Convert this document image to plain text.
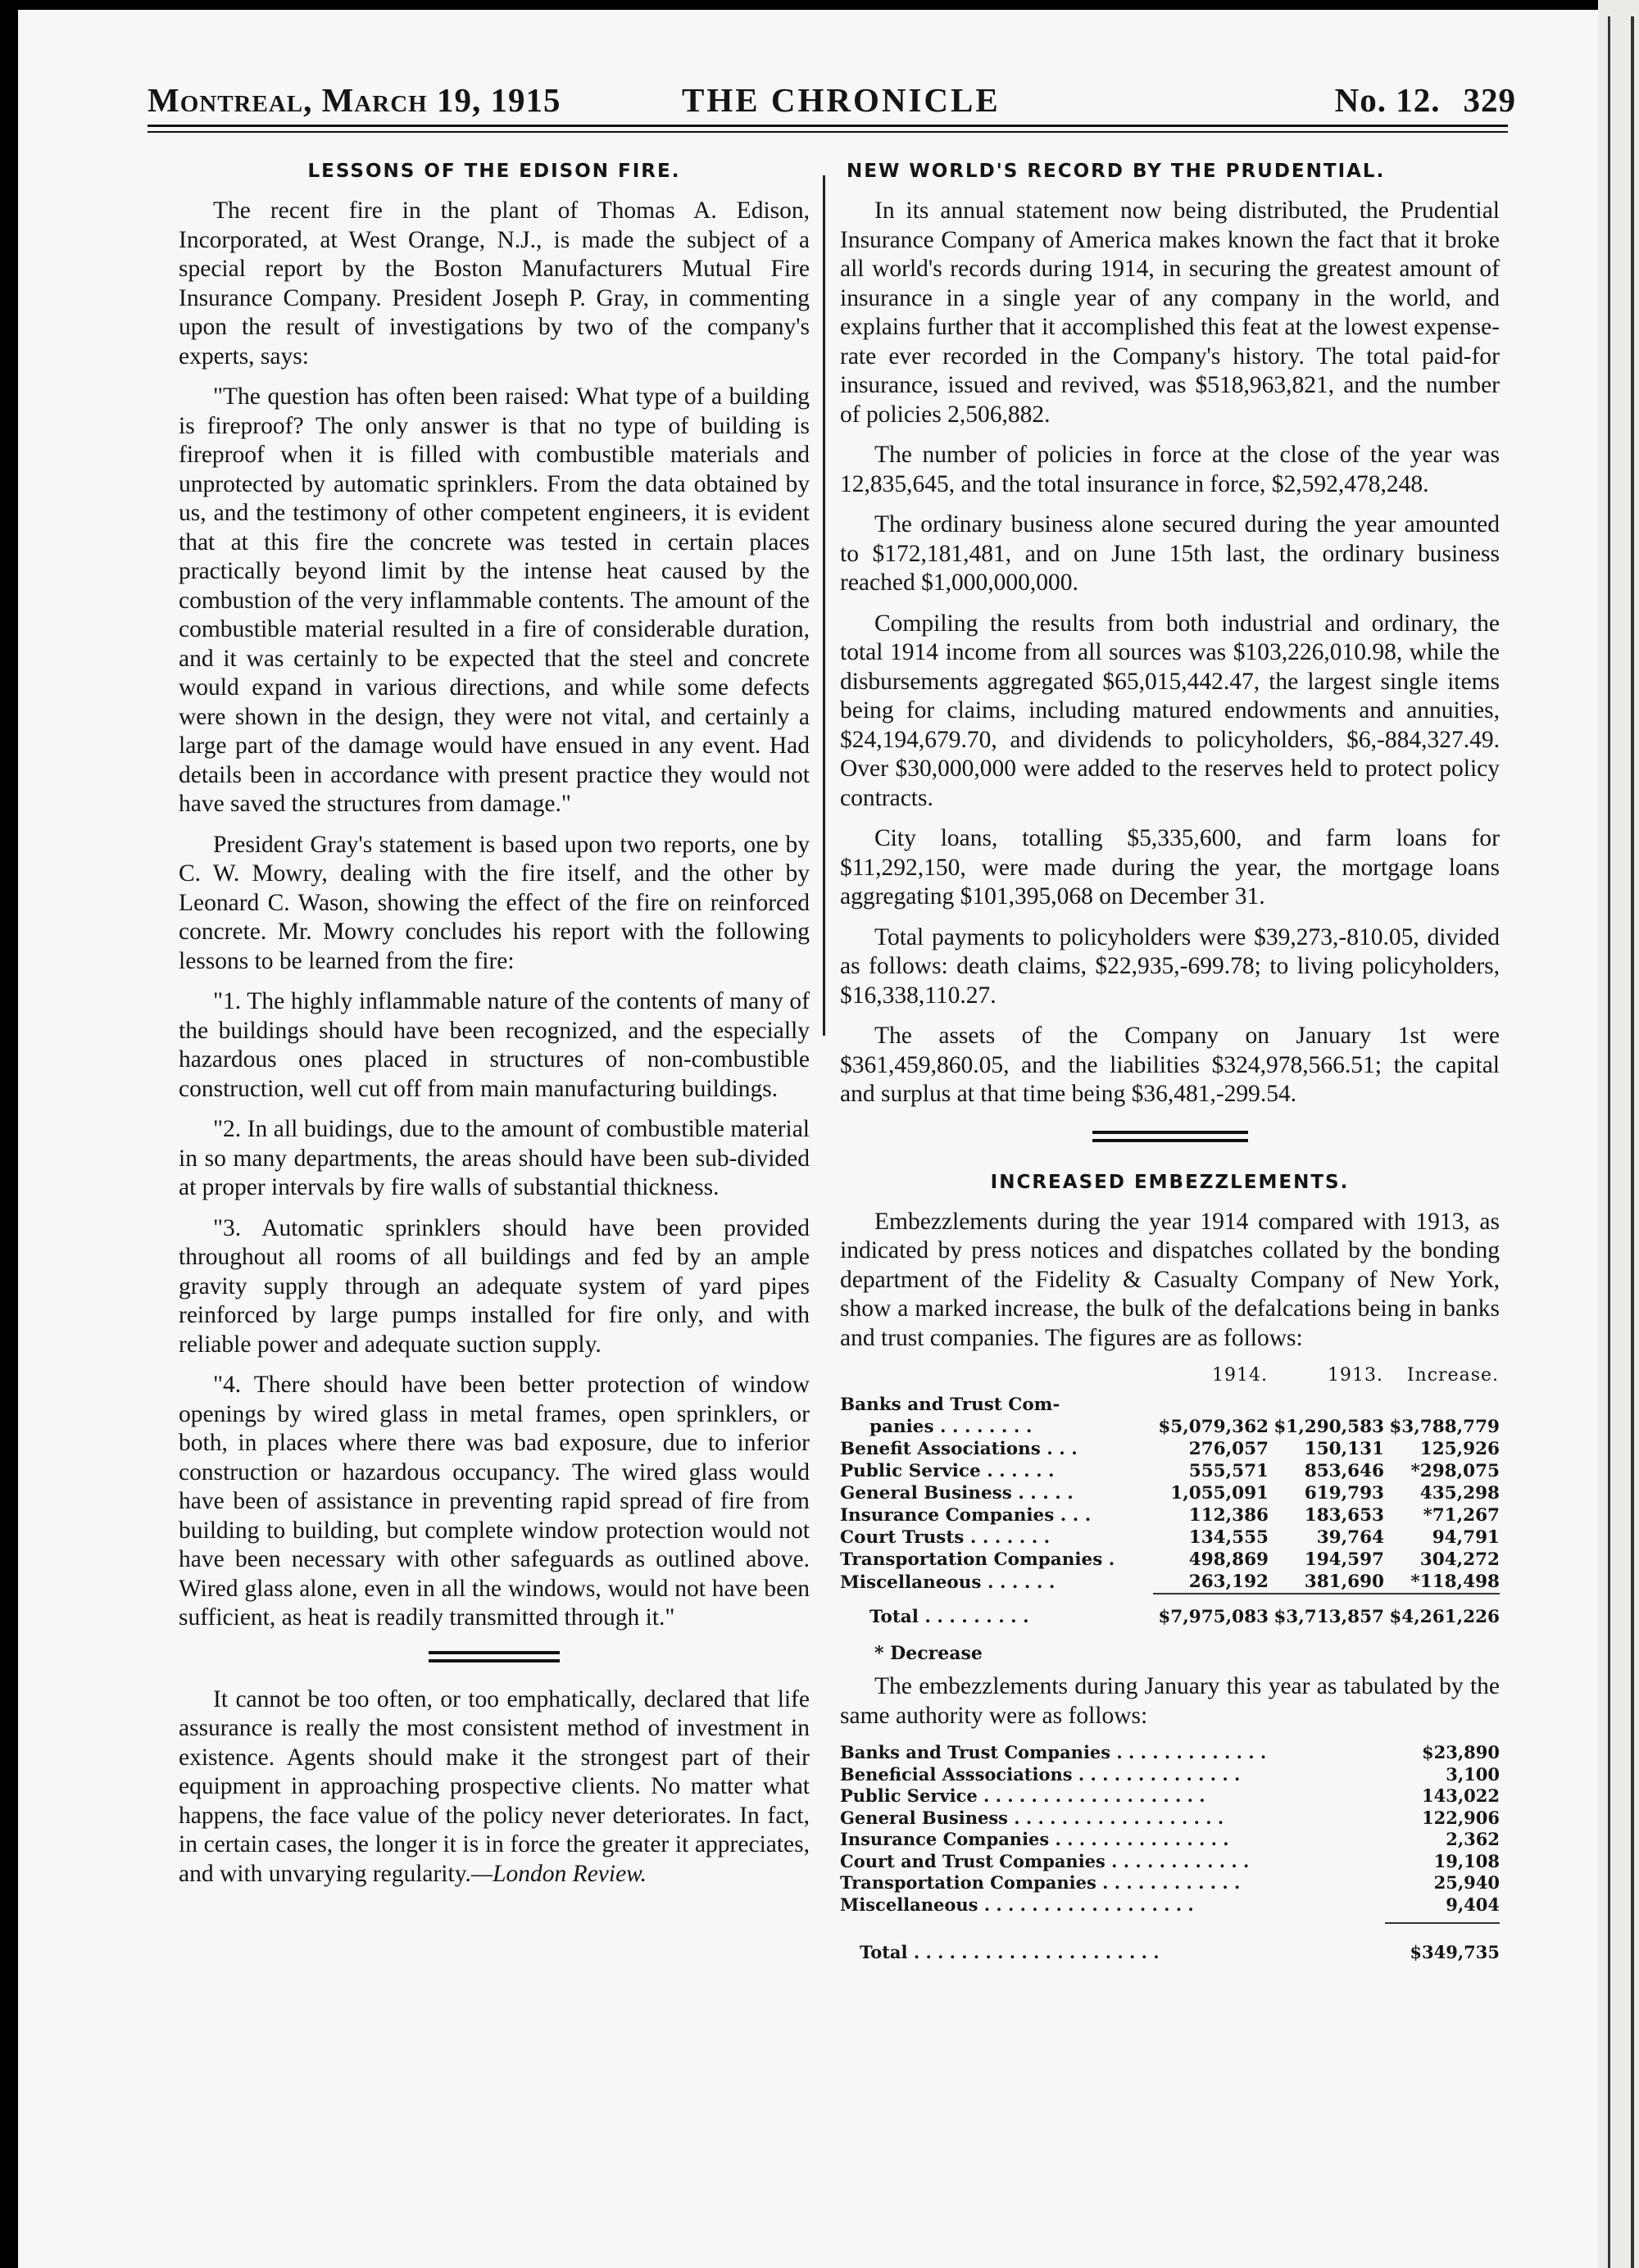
Montreal, March 19, 1915	THE CHRONICLE	No. 12. 329
LESSONS OF THE EDISON FIRE.

The recent fire in the plant of Thomas A. Edison, Incorporated, at West Orange, N.J., is made the subject of a special report by the Boston Manufacturers Mutual Fire Insurance Company. President Joseph P. Gray, in commenting upon the result of investigations by two of the company's experts, says:

"The question has often been raised: What type of a building is fireproof? The only answer is that no type of building is fireproof when it is filled with combustible materials and unprotected by automatic sprinklers. From the data obtained by us, and the testimony of other competent engineers, it is evident that at this fire the concrete was tested in certain places practically beyond limit by the intense heat caused by the combustion of the very inflammable contents. The amount of the combustible material resulted in a fire of considerable duration, and it was certainly to be expected that the steel and concrete would expand in various directions, and while some defects were shown in the design, they were not vital, and certainly a large part of the damage would have ensued in any event. Had details been in accordance with present practice they would not have saved the structures from damage."

President Gray's statement is based upon two reports, one by C. W. Mowry, dealing with the fire itself, and the other by Leonard C. Wason, showing the effect of the fire on reinforced concrete. Mr. Mowry concludes his report with the following lessons to be learned from the fire:

"1. The highly inflammable nature of the contents of many of the buildings should have been recognized, and the especially hazardous ones placed in structures of non-combustible construction, well cut off from main manufacturing buildings.

"2. In all buidings, due to the amount of combustible material in so many departments, the areas should have been sub-divided at proper intervals by fire walls of substantial thickness.

"3. Automatic sprinklers should have been provided throughout all rooms of all buildings and fed by an ample gravity supply through an adequate system of yard pipes reinforced by large pumps installed for fire only, and with reliable power and adequate suction supply.

"4. There should have been better protection of window openings by wired glass in metal frames, open sprinklers, or both, in places where there was bad exposure, due to inferior construction or hazardous occupancy. The wired glass would have been of assistance in preventing rapid spread of fire from building to building, but complete window protection would not have been necessary with other safeguards as outlined above. Wired glass alone, even in all the windows, would not have been sufficient, as heat is readily transmitted through it."

It cannot be too often, or too emphatically, declared that life assurance is really the most consistent method of investment in existence. Agents should make it the strongest part of their equipment in approaching prospective clients. No matter what happens, the face value of the policy never deteriorates. In fact, in certain cases, the longer it is in force the greater it appreciates, and with unvarying regularity.—London Review.

NEW WORLD'S RECORD BY THE PRUDENTIAL.

In its annual statement now being distributed, the Prudential Insurance Company of America makes known the fact that it broke all world's records during 1914, in securing the greatest amount of insurance in a single year of any company in the world, and explains further that it accomplished this feat at the lowest expense-rate ever recorded in the Company's history. The total paid-for insurance, issued and revived, was $518,963,821, and the number of policies 2,506,882.

The number of policies in force at the close of the year was 12,835,645, and the total insurance in force, $2,592,478,248.

The ordinary business alone secured during the year amounted to $172,181,481, and on June 15th last, the ordinary business reached $1,000,000,000.

Compiling the results from both industrial and ordinary, the total 1914 income from all sources was $103,226,010.98, while the disbursements aggregated $65,015,442.47, the largest single items being for claims, including matured endowments and annuities, $24,194,679.70, and dividends to policyholders, $6,-884,327.49. Over $30,000,000 were added to the reserves held to protect policy contracts.

City loans, totalling $5,335,600, and farm loans for $11,292,150, were made during the year, the mortgage loans aggregating $101,395,068 on December 31.

Total payments to policyholders were $39,273,-810.05, divided as follows: death claims, $22,935,-699.78; to living policyholders, $16,338,110.27.

The assets of the Company on January 1st were $361,459,860.05, and the liabilities $324,978,566.51; the capital and surplus at that time being $36,481,-299.54.

INCREASED EMBEZZLEMENTS.

Embezzlements during the year 1914 compared with 1913, as indicated by press notices and dispatches collated by the bonding department of the Fidelity & Casualty Company of New York, show a marked increase, the bulk of the defalcations being in banks and trust companies. The figures are as follows:

	1914.	1913.	Increase.
Banks and Trust Com-			
panies . . . . . . . .	$5,079,362	$1,290,583	$3,788,779
Benefit Associations . . .	276,057	150,131	125,926
Public Service . . . . . .	555,571	853,646	*298,075
General Business . . . . .	1,055,091	619,793	435,298
Insurance Companies . . .	112,386	183,653	*71,267
Court Trusts . . . . . . .	134,555	39,764	94,791
Transportation Companies .	498,869	194,597	304,272
Miscellaneous . . . . . .	263,192	381,690	*118,498

Total . . . . . . . . .	$7,975,083	$3,713,857	$4,261,226
* Decrease

The embezzlements during January this year as tabulated by the same authority were as follows:

Banks and Trust Companies . . . . . . . . . . . . .	$23,890
Beneficial Asssociations . . . . . . . . . . . . . .	3,100
Public Service . . . . . . . . . . . . . . . . . . .	143,022
General Business . . . . . . . . . . . . . . . . . .	122,906
Insurance Companies . . . . . . . . . . . . . . .	2,362
Court and Trust Companies . . . . . . . . . . . .	19,108
Transportation Companies . . . . . . . . . . . .	25,940
Miscellaneous . . . . . . . . . . . . . . . . . .	9,404

Total . . . . . . . . . . . . . . . . . . . . .	$349,735
